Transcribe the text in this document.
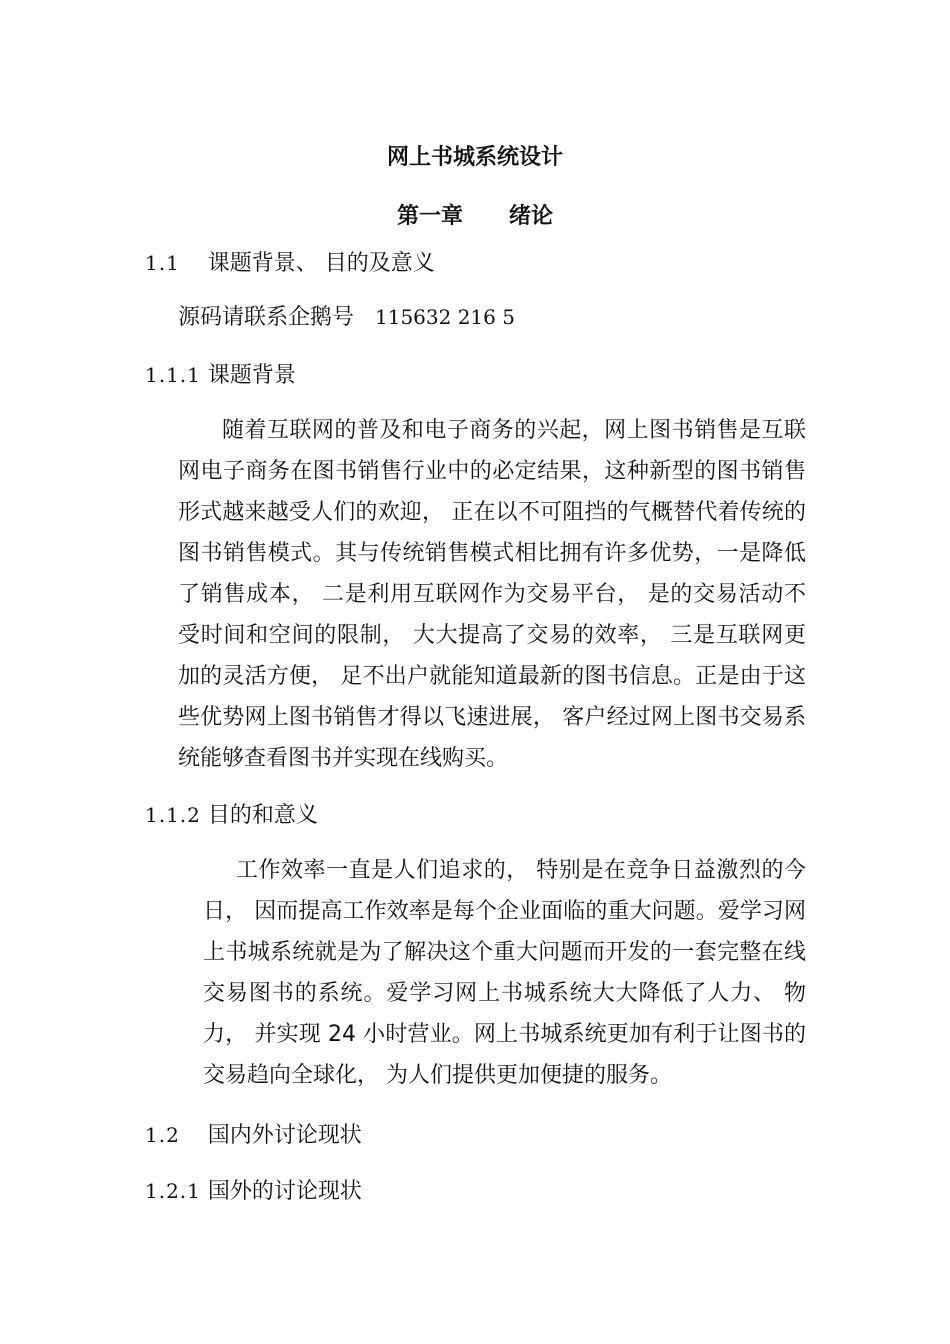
网上书城系统设计
第一章      绪论
1.1 课题背景、 目的及意义
源码请联系企鹅号 115632 216 5
1.1.1 课题背景
随着互联网的普及和电子商务的兴起，网上图书销售是互联网电子商务在图书销售行业中的必定结果，这种新型的图书销售形式越来越受人们的欢迎， 正在以不可阻挡的气概替代着传统的图书销售模式。其与传统销售模式相比拥有许多优势，一是降低了销售成本， 二是利用互联网作为交易平台， 是的交易活动不受时间和空间的限制， 大大提高了交易的效率， 三是互联网更加的灵活方便， 足不出户就能知道最新的图书信息。正是由于这些优势网上图书销售才得以飞速进展， 客户经过网上图书交易系统能够查看图书并实现在线购买。
1.1.2 目的和意义
工作效率一直是人们追求的， 特别是在竞争日益激烈的今日， 因而提高工作效率是每个企业面临的重大问题。爱学习网上书城系统就是为了解决这个重大问题而开发的一套完整在线交易图书的系统。爱学习网上书城系统大大降低了人力、 物力， 并实现 24 小时营业。网上书城系统更加有利于让图书的交易趋向全球化， 为人们提供更加便捷的服务。
1.2 国内外讨论现状
1.2.1 国外的讨论现状
